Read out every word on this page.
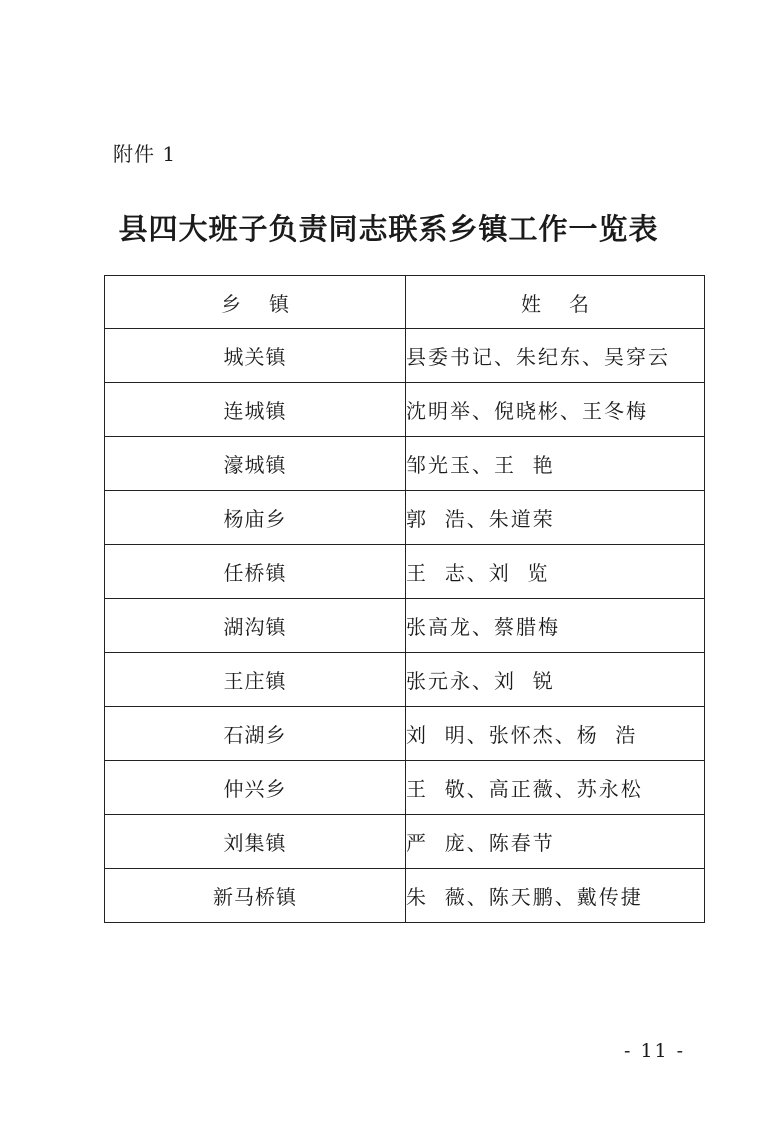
附件 1
县四大班子负责同志联系乡镇工作一览表
乡镇	姓名
城关镇	县委书记、朱纪东、吴穿云
连城镇	沈明举、倪晓彬、王冬梅
濠城镇	邹光玉、王  艳
杨庙乡	郭  浩、朱道荣
任桥镇	王  志、刘  览
湖沟镇	张高龙、蔡腊梅
王庄镇	张元永、刘  锐
石湖乡	刘  明、张怀杰、杨  浩
仲兴乡	王  敬、高正薇、苏永松
刘集镇	严  庞、陈春节
新马桥镇	朱  薇、陈天鹏、戴传捷
- 11 -
